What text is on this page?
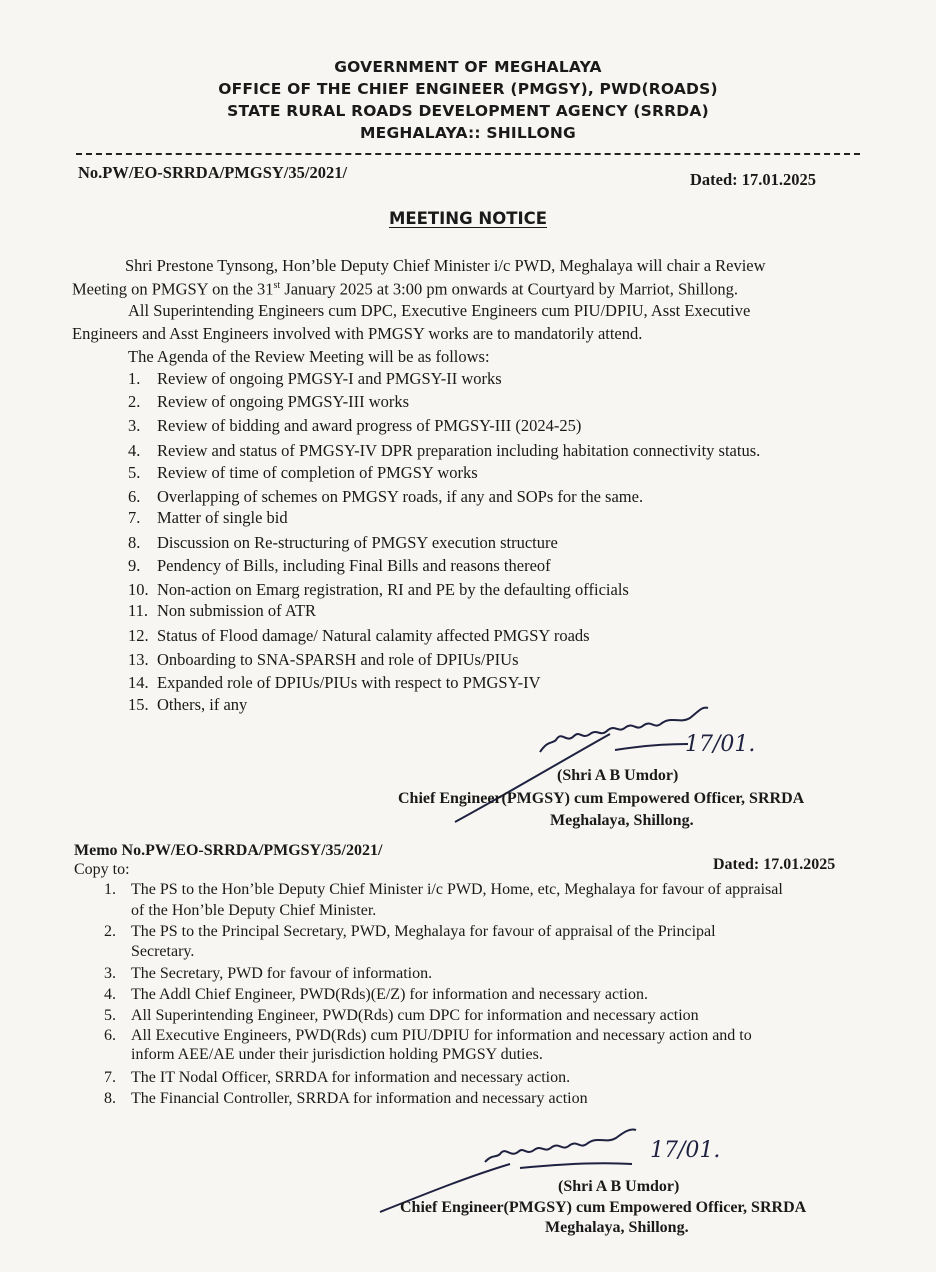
GOVERNMENT OF MEGHALAYA
OFFICE OF THE CHIEF ENGINEER (PMGSY), PWD(ROADS)
STATE RURAL ROADS DEVELOPMENT AGENCY (SRRDA)
MEGHALAYA:: SHILLONG
No.PW/EO-SRRDA/PMGSY/35/2021/	Dated: 17.01.2025
MEETING NOTICE
Shri Prestone Tynsong, Hon’ble Deputy Chief Minister i/c PWD, Meghalaya will chair a Review
Meeting on PMGSY on the 31st January 2025 at 3:00 pm onwards at Courtyard by Marriot, Shillong.
All Superintending Engineers cum DPC, Executive Engineers cum PIU/DPIU, Asst Executive
Engineers and Asst Engineers involved with PMGSY works are to mandatorily attend.
The Agenda of the Review Meeting will be as follows:
1. Review of ongoing PMGSY-I and PMGSY-II works
2. Review of ongoing PMGSY-III works
3. Review of bidding and award progress of PMGSY-III (2024-25)
4. Review and status of PMGSY-IV DPR preparation including habitation connectivity status.
5. Review of time of completion of PMGSY works
6. Overlapping of schemes on PMGSY roads, if any and SOPs for the same.
7. Matter of single bid
8. Discussion on Re-structuring of PMGSY execution structure
9. Pendency of Bills, including Final Bills and reasons thereof
10. Non-action on Emarg registration, RI and PE by the defaulting officials
11. Non submission of ATR
12. Status of Flood damage/ Natural calamity affected PMGSY roads
13. Onboarding to SNA-SPARSH and role of DPIUs/PIUs
14. Expanded role of DPIUs/PIUs with respect to PMGSY-IV
15. Others, if any
17/01.
(Shri A B Umdor)
Chief Engineer(PMGSY) cum Empowered Officer, SRRDA
Meghalaya, Shillong.
Memo No.PW/EO-SRRDA/PMGSY/35/2021/
Copy to:	Dated: 17.01.2025
1. The PS to the Hon’ble Deputy Chief Minister i/c PWD, Home, etc, Meghalaya for favour of appraisal
of the Hon’ble Deputy Chief Minister.
2. The PS to the Principal Secretary, PWD, Meghalaya for favour of appraisal of the Principal
Secretary.
3. The Secretary, PWD for favour of information.
4. The Addl Chief Engineer, PWD(Rds)(E/Z) for information and necessary action.
5. All Superintending Engineer, PWD(Rds) cum DPC for information and necessary action
6. All Executive Engineers, PWD(Rds) cum PIU/DPIU for information and necessary action and to
inform AEE/AE under their jurisdiction holding PMGSY duties.
7. The IT Nodal Officer, SRRDA for information and necessary action.
8. The Financial Controller, SRRDA for information and necessary action
17/01.
(Shri A B Umdor)
Chief Engineer(PMGSY) cum Empowered Officer, SRRDA
Meghalaya, Shillong.
